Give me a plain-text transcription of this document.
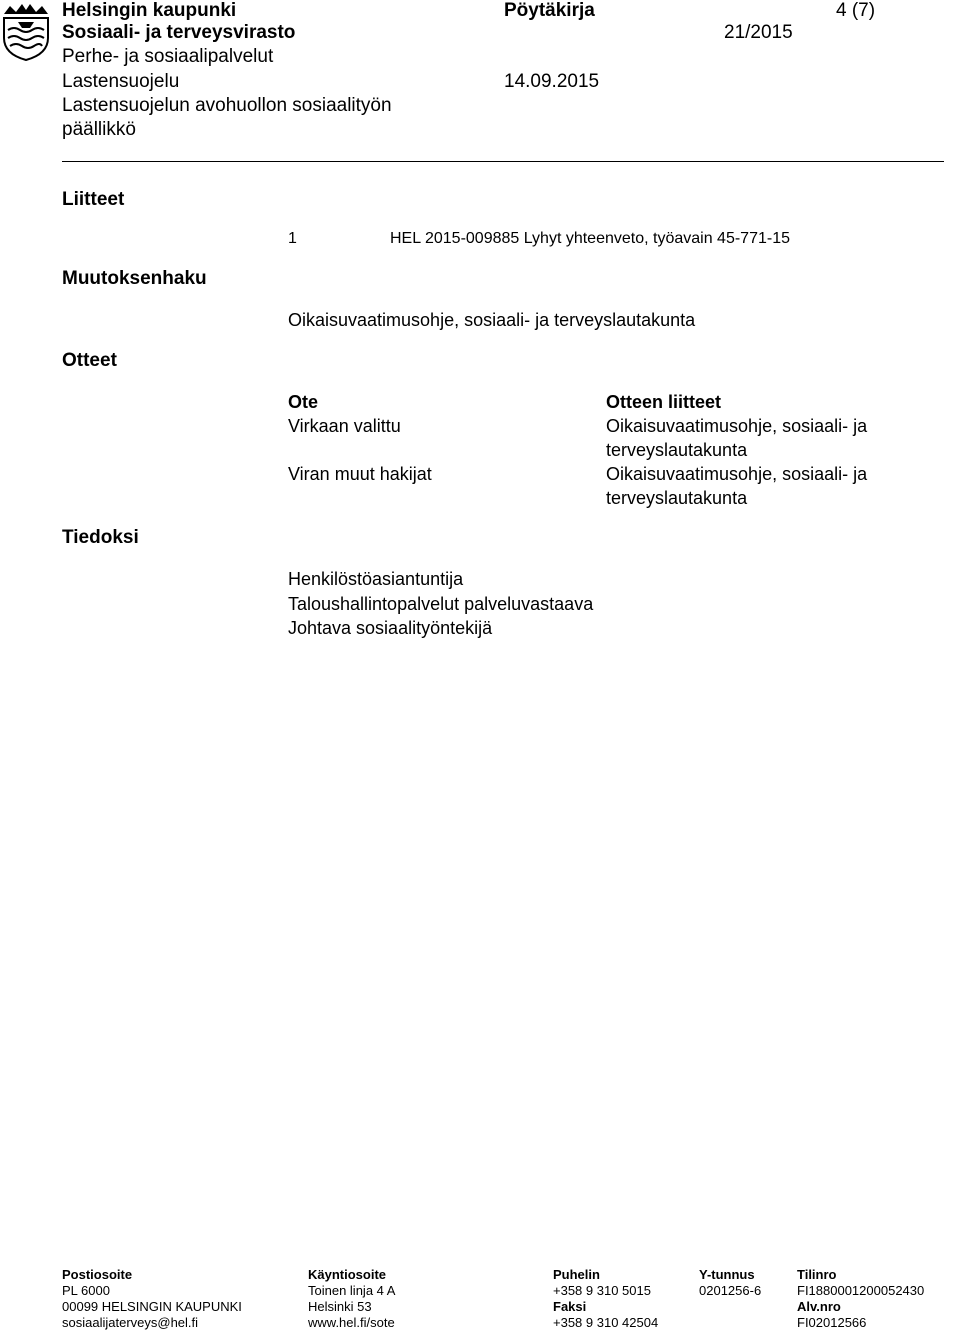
Helsingin kaupunki
Sosiaali- ja terveysvirasto
Perhe- ja sosiaalipalvelut
Lastensuojelu
Lastensuojelun avohuollon sosiaalityön
päällikkö
Pöytäkirja
21/2015
14.09.2015
4 (7)
Liitteet
Muutoksenhaku
Otteet
Tiedoksi
1	HEL 2015-009885 Lyhyt yhteenveto, työavain 45-771-15
Oikaisuvaatimusohje, sosiaali- ja terveyslautakunta
Ote	Otteen liitteet
Virkaan valittu	Oikaisuvaatimusohje, sosiaali- ja
terveyslautakunta
Viran muut hakijat	Oikaisuvaatimusohje, sosiaali- ja
terveyslautakunta
Henkilöstöasiantuntija
Taloushallintopalvelut palveluvastaava
Johtava sosiaalityöntekijä
Postiosoite
PL 6000
00099 HELSINGIN KAUPUNKI
sosiaalijaterveys@hel.fi
Käyntiosoite
Toinen linja 4 A
Helsinki 53
www.hel.fi/sote
Puhelin
+358 9 310 5015
Faksi
+358 9 310 42504
Y-tunnus
0201256-6
Tilinro
FI1880001200052430
Alv.nro
FI02012566
